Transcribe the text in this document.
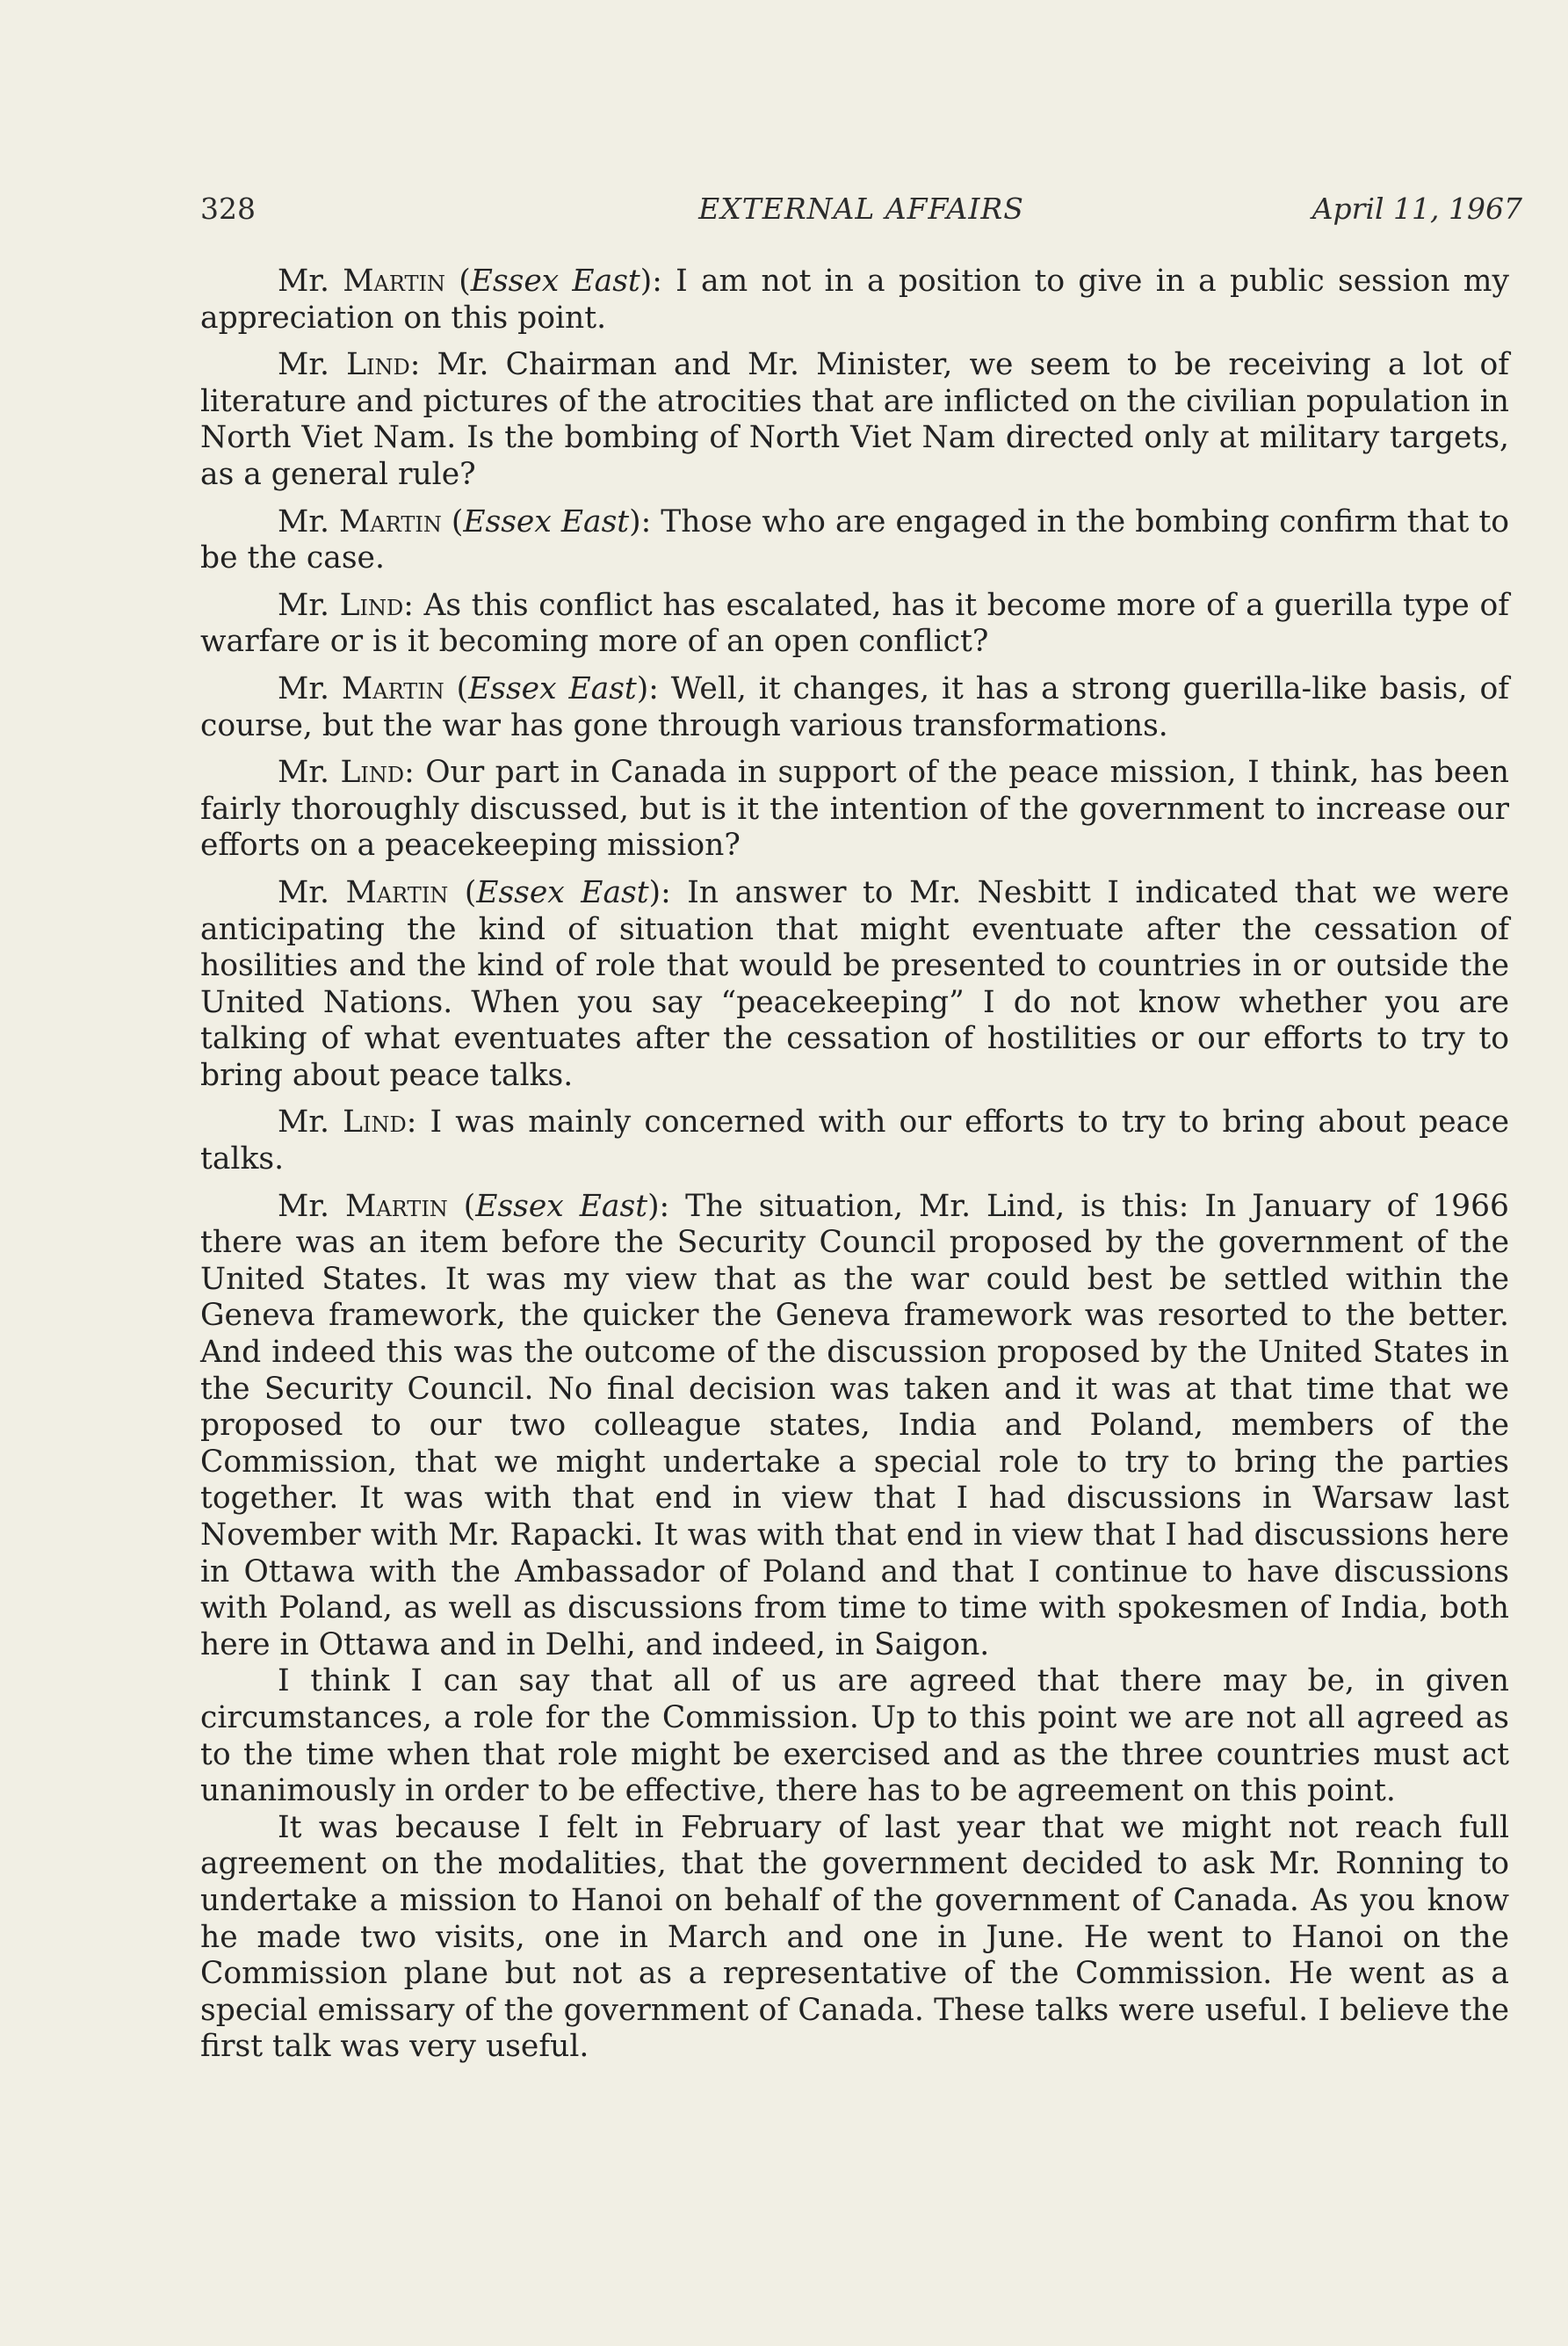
328	EXTERNAL AFFAIRS	April 11, 1967

Mr. Martin (Essex East): I am not in a position to give in a public session my appreciation on this point.

Mr. Lind: Mr. Chairman and Mr. Minister, we seem to be receiving a lot of literature and pictures of the atrocities that are inflicted on the civilian population in North Viet Nam. Is the bombing of North Viet Nam directed only at military targets, as a general rule?

Mr. Martin (Essex East): Those who are engaged in the bombing confirm that to be the case.

Mr. Lind: As this conflict has escalated, has it become more of a guerilla type of warfare or is it becoming more of an open conflict?

Mr. Martin (Essex East): Well, it changes, it has a strong guerilla-like basis, of course, but the war has gone through various transformations.

Mr. Lind: Our part in Canada in support of the peace mission, I think, has been fairly thoroughly discussed, but is it the intention of the government to increase our efforts on a peacekeeping mission?

Mr. Martin (Essex East): In answer to Mr. Nesbitt I indicated that we were anticipating the kind of situation that might eventuate after the cessation of hosilities and the kind of role that would be presented to countries in or outside the United Nations. When you say “peacekeeping” I do not know whether you are talking of what eventuates after the cessation of hostilities or our efforts to try to bring about peace talks.

Mr. Lind: I was mainly concerned with our efforts to try to bring about peace talks.

Mr. Martin (Essex East): The situation, Mr. Lind, is this: In January of 1966 there was an item before the Security Council proposed by the government of the United States. It was my view that as the war could best be settled within the Geneva framework, the quicker the Geneva framework was resorted to the better. And indeed this was the outcome of the discussion proposed by the United States in the Security Council. No final decision was taken and it was at that time that we proposed to our two colleague states, India and Poland, members of the Commission, that we might undertake a special role to try to bring the parties together. It was with that end in view that I had discussions in Warsaw last November with Mr. Rapacki. It was with that end in view that I had discussions here in Ottawa with the Ambassador of Poland and that I continue to have discussions with Poland, as well as discussions from time to time with spokesmen of India, both here in Ottawa and in Delhi, and indeed, in Saigon.

I think I can say that all of us are agreed that there may be, in given circumstances, a role for the Commission. Up to this point we are not all agreed as to the time when that role might be exercised and as the three countries must act unanimously in order to be effective, there has to be agreement on this point.

It was because I felt in February of last year that we might not reach full agreement on the modalities, that the government decided to ask Mr. Ronning to undertake a mission to Hanoi on behalf of the government of Canada. As you know he made two visits, one in March and one in June. He went to Hanoi on the Commission plane but not as a representative of the Commission. He went as a special emissary of the government of Canada. These talks were useful. I believe the first talk was very useful.
